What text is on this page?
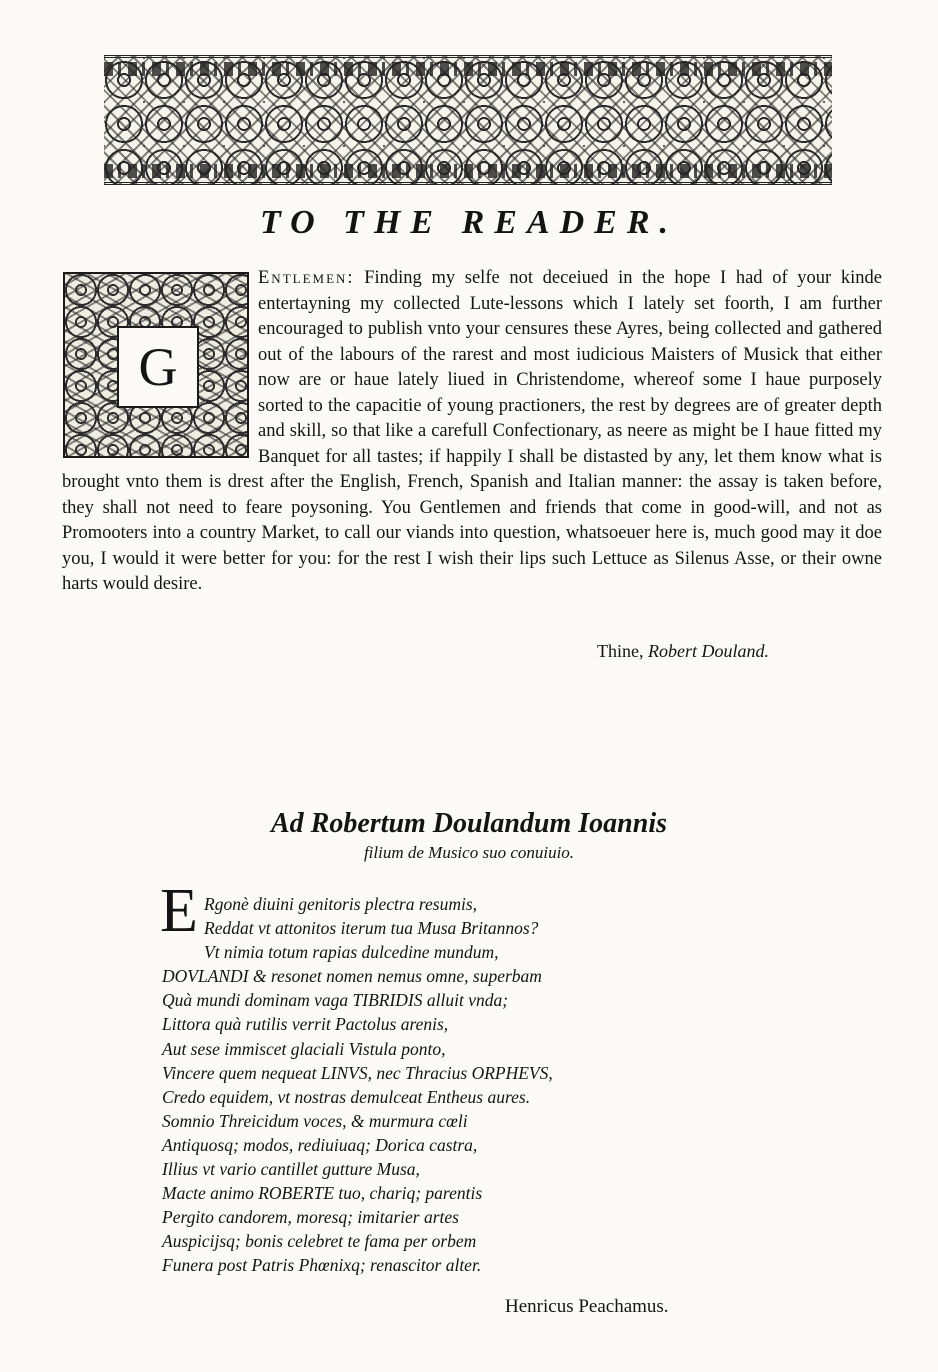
TO THE READER.
G

Entlemen: Finding my selfe not deceiued in the hope I had of your kinde entertayning my collected Lute-lessons which I lately set foorth, I am further encouraged to publish vnto your censures these Ayres, being collected and gathered out of the labours of the rarest and most iudicious Maisters of Musick that either now are or haue lately liued in Christendome, whereof some I haue purposely sorted to the capacitie of young practioners, the rest by degrees are of greater depth and skill, so that like a carefull Confectionary, as neere as might be I haue fitted my Banquet for all tastes; if happily I shall be distasted by any, let them know what is brought vnto them is drest after the English, French, Spanish and Italian manner: the assay is taken before, they shall not need to feare poysoning. You Gentlemen and friends that come in good-will, and not as Promooters into a country Market, to call our viands into question, whatsoeuer here is, much good may it doe you, I would it were better for you: for the rest I wish their lips such Lettuce as Silenus Asse, or their owne harts would desire.

Thine, Robert Douland.
Ad Robertum Doulandum Ioannis
filium de Musico suo conuiuio.
E Rgonè diuini genitoris plectra resumis,
Reddat vt attonitos iterum tua Musa Britannos?
Vt nimia totum rapias dulcedine mundum,
DOVLANDI & resonet nomen nemus omne, superbam
Quà mundi dominam vaga TIBRIDIS alluit vnda;
Littora quà rutilis verrit Pactolus arenis,
Aut sese immiscet glaciali Vistula ponto,
Vincere quem nequeat LINVS, nec Thracius ORPHEVS,
Credo equidem, vt nostras demulceat Entheus aures.
Somnio Threicidum voces, & murmura cœli
Antiquosq; modos, rediuiuaq; Dorica castra,
Illius vt vario cantillet gutture Musa,
Macte animo ROBERTE tuo, chariq; parentis
Pergito candorem, moresq; imitarier artes
Auspicijsq; bonis celebret te fama per orbem
Funera post Patris Phœnixq; renascitor alter.
Henricus Peachamus.
